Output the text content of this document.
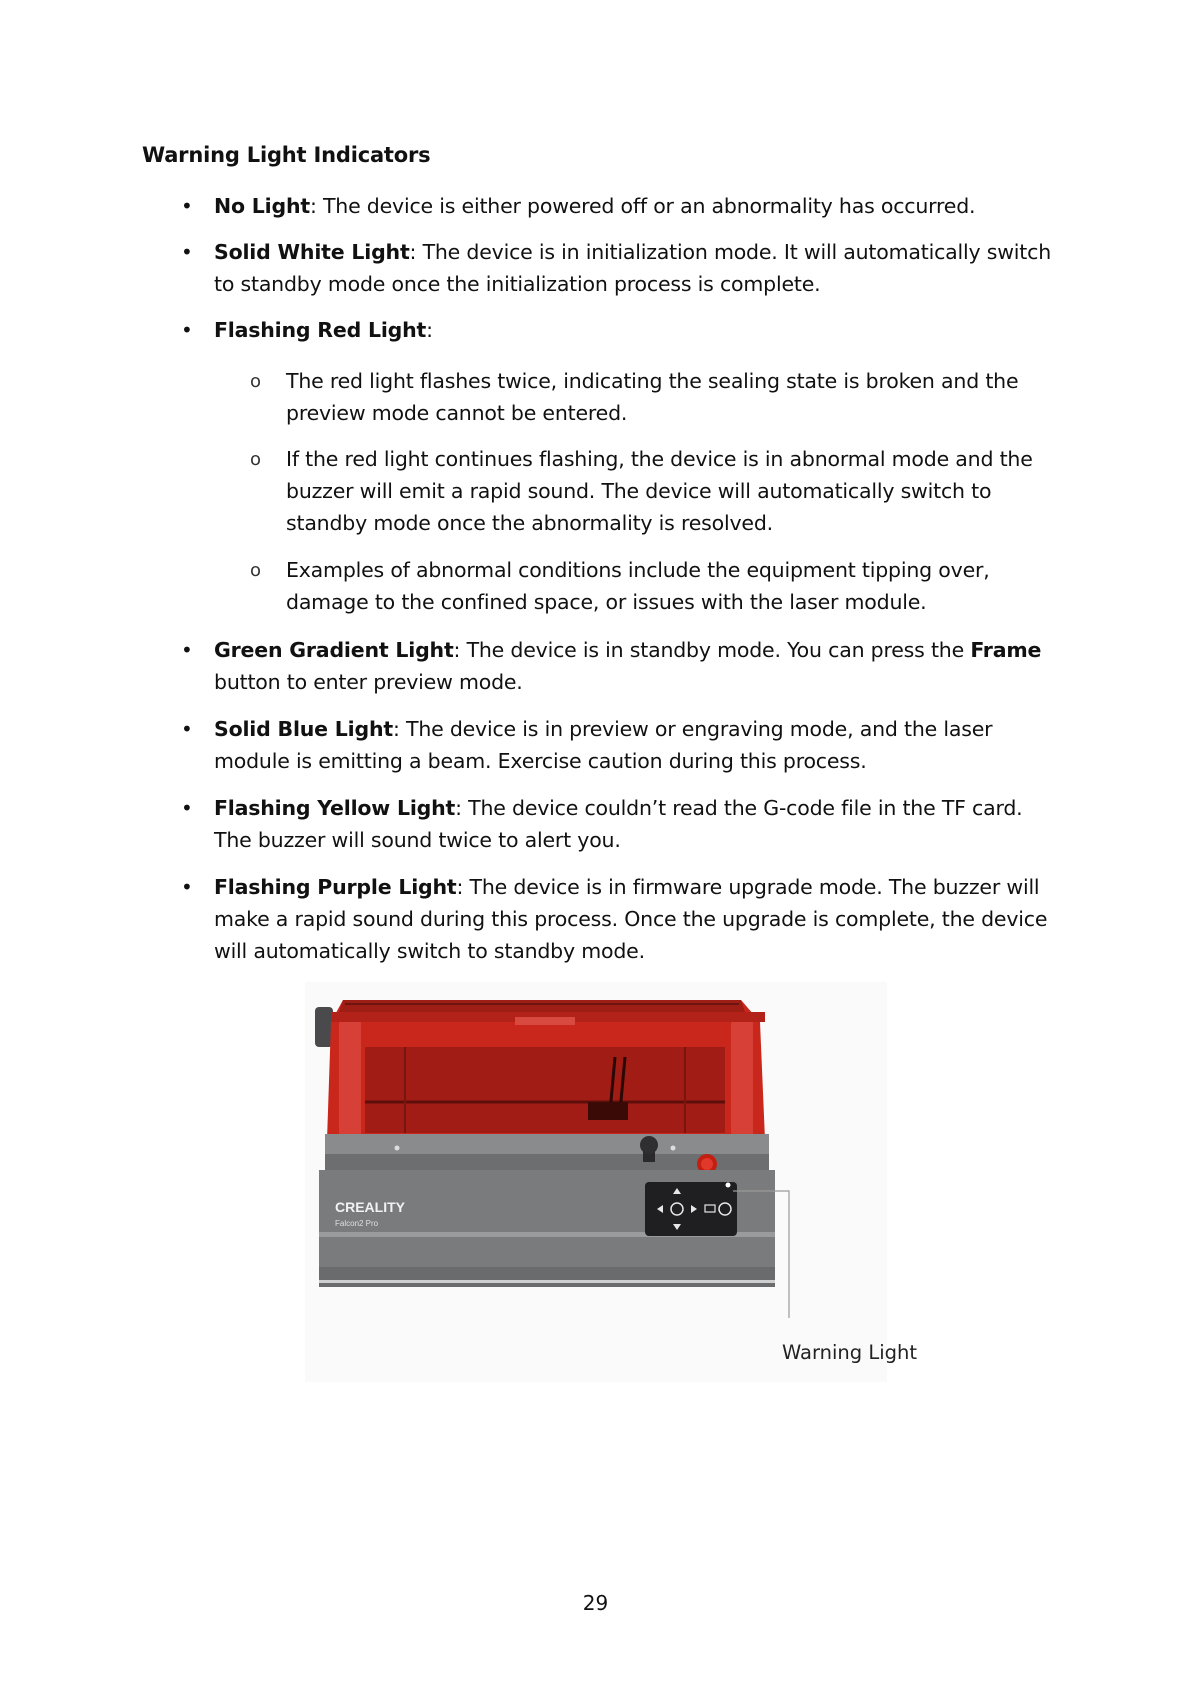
Warning Light Indicators
• No Light: The device is either powered off or an abnormality has occurred.
• Solid White Light: The device is in initialization mode. It will automatically switch to standby mode once the initialization process is complete.
• Flashing Red Light:
o The red light flashes twice, indicating the sealing state is broken and the preview mode cannot be entered.
o If the red light continues flashing, the device is in abnormal mode and the buzzer will emit a rapid sound. The device will automatically switch to standby mode once the abnormality is resolved.
o Examples of abnormal conditions include the equipment tipping over, damage to the confined space, or issues with the laser module.
• Green Gradient Light: The device is in standby mode. You can press the Frame button to enter preview mode.
• Solid Blue Light: The device is in preview or engraving mode, and the laser module is emitting a beam. Exercise caution during this process.
• Flashing Yellow Light: The device couldn’t read the G-code file in the TF card. The buzzer will sound twice to alert you.
• Flashing Purple Light: The device is in firmware upgrade mode. The buzzer will make a rapid sound during this process. Once the upgrade is complete, the device will automatically switch to standby mode.
CREALITY
Falcon2 Pro
Warning Light
29
